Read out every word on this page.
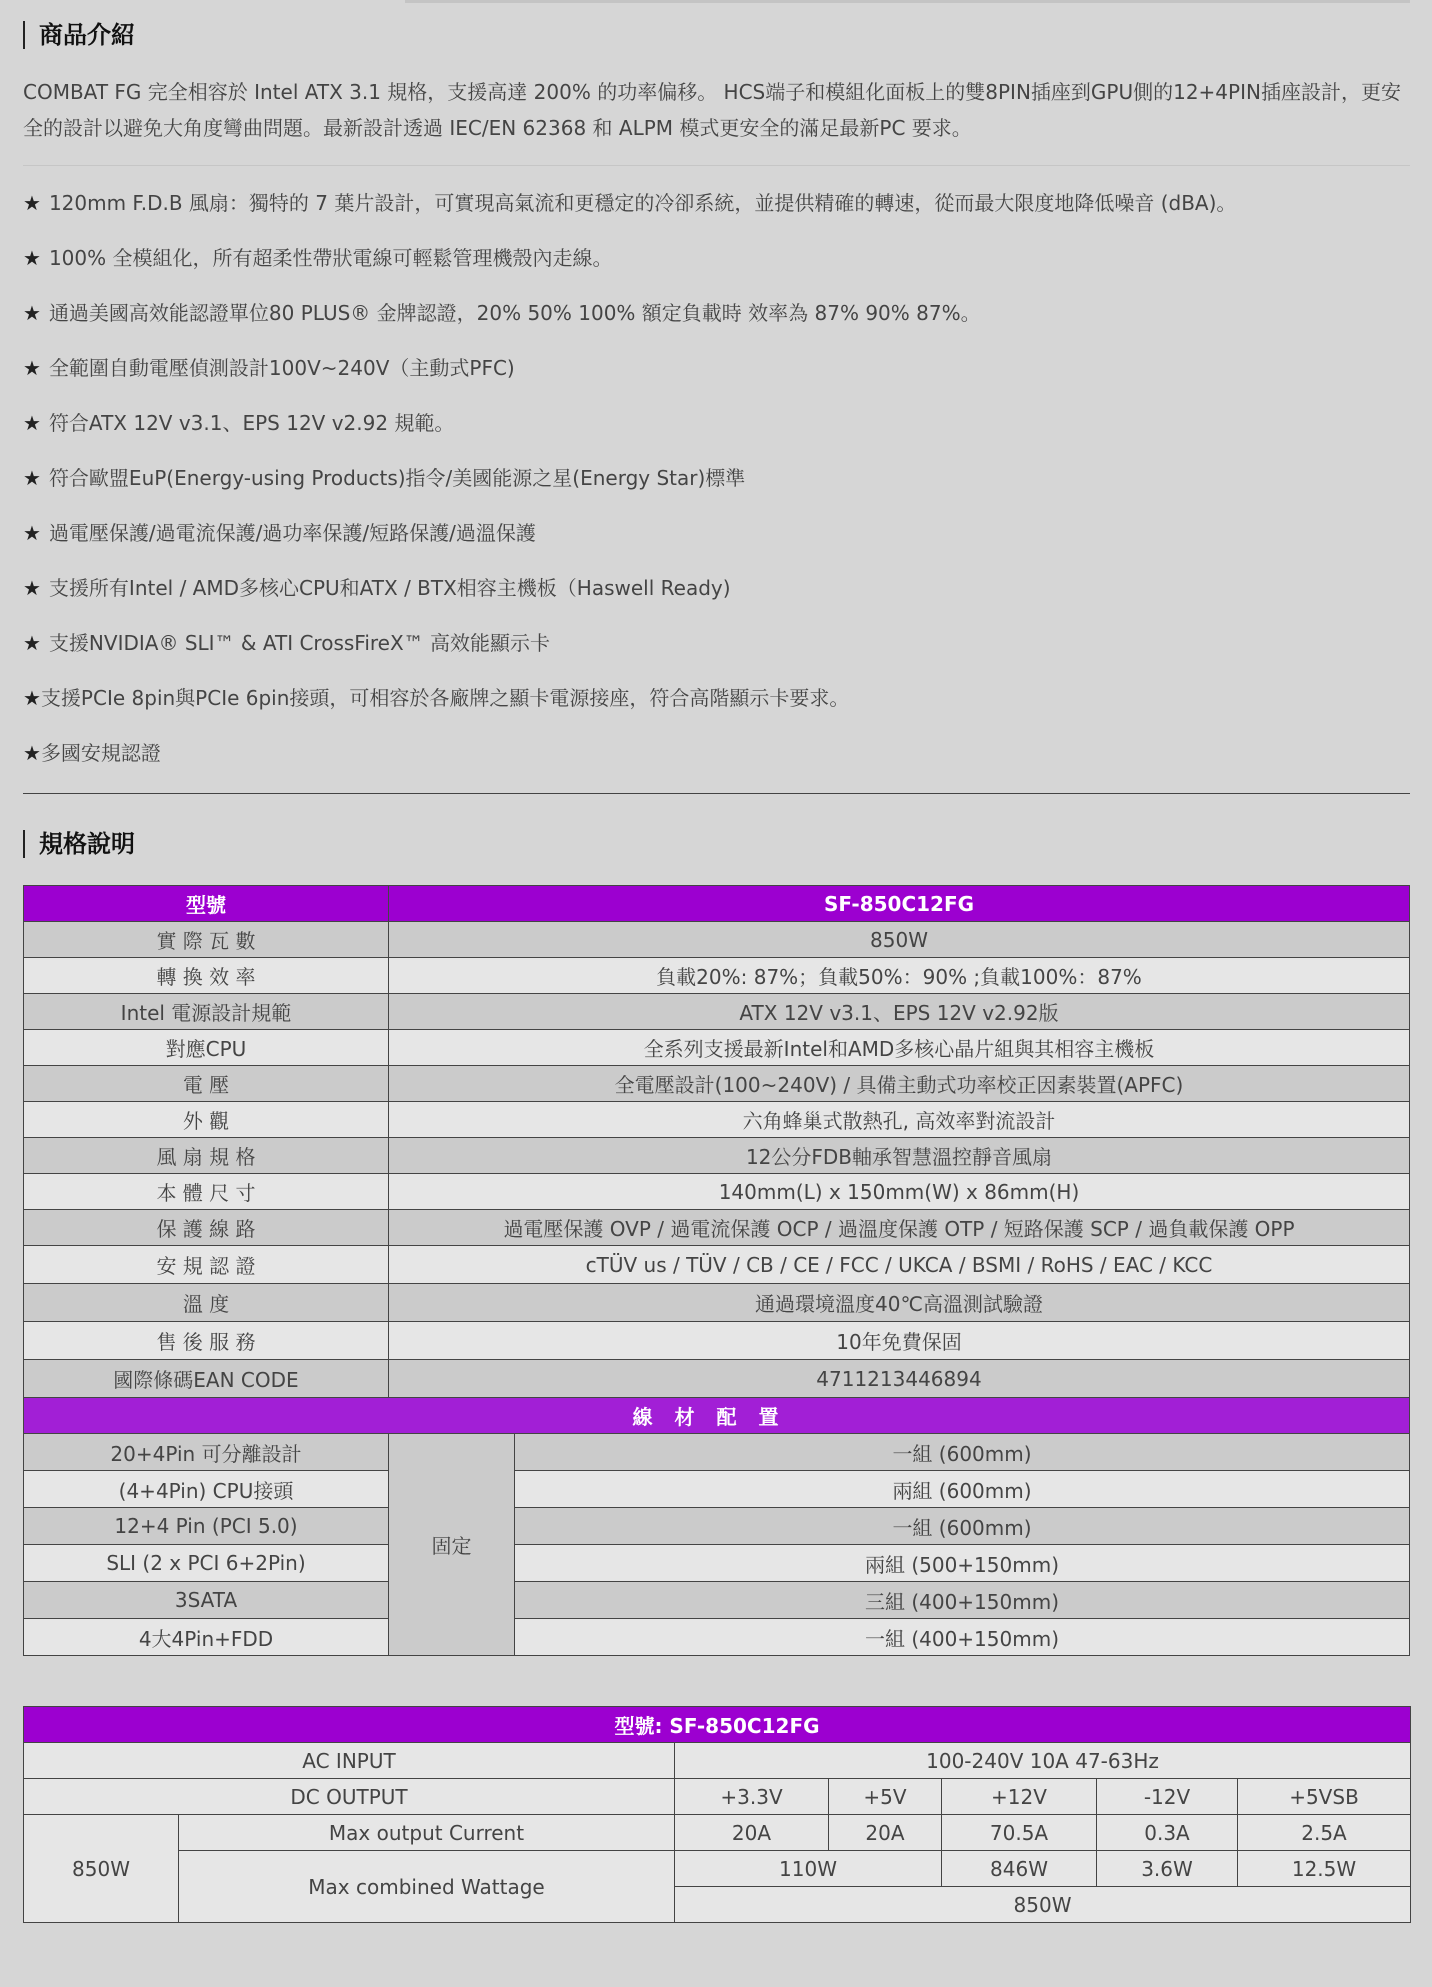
商品介紹
COMBAT FG 完全相容於 Intel ATX 3.1 規格，支援高達 200% 的功率偏移。 HCS端子和模組化面板上的雙8PIN插座到GPU側的12+4PIN插座設計，更安全的設計以避免大角度彎曲問題。最新設計透過 IEC/EN 62368 和 ALPM 模式更安全的滿足最新PC 要求。
★ 120mm F.D.B 風扇：獨特的 7 葉片設計，可實現高氣流和更穩定的冷卻系統，並提供精確的轉速，從而最大限度地降低噪音 (dBA)。
★ 100% 全模組化，所有超柔性帶狀電線可輕鬆管理機殼內走線。
★ 通過美國高效能認證單位80 PLUS® 金牌認證，20% 50% 100% 額定負載時 效率為 87% 90% 87%。
★ 全範圍自動電壓偵測設計100V~240V（主動式PFC)
★ 符合ATX 12V v3.1、EPS 12V v2.92 規範。
★ 符合歐盟EuP(Energy-using Products)指令/美國能源之星(Energy Star)標準
★ 過電壓保護/過電流保護/過功率保護/短路保護/過溫保護
★ 支援所有Intel / AMD多核心CPU和ATX / BTX相容主機板（Haswell Ready)
★ 支援NVIDIA® SLI™ & ATI CrossFireX™ 高效能顯示卡
★支援PCIe 8pin與PCIe 6pin接頭，可相容於各廠牌之顯卡電源接座，符合高階顯示卡要求。
★多國安規認證
規格說明
型號	SF-850C12FG	
實 際 瓦 數	850W	
轉 換 效 率	負載20%: 87%；負載50%：90% ;負載100%：87%	
Intel 電源設計規範	ATX 12V v3.1、EPS 12V v2.92版	
對應CPU	全系列支援最新Intel和AMD多核心晶片組與其相容主機板	
電 壓	全電壓設計(100~240V) / 具備主動式功率校正因素裝置(APFC)	
外 觀	六角蜂巢式散熱孔, 高效率對流設計	
風 扇 規 格	12公分FDB軸承智慧溫控靜音風扇	
本 體 尺 寸	140mm(L) x 150mm(W) x 86mm(H)	
保 護 線 路	過電壓保護 OVP / 過電流保護 OCP / 過溫度保護 OTP / 短路保護 SCP / 過負載保護 OPP	
安 規 認 證	cTÜV us / TÜV / CB / CE / FCC / UKCA / BSMI / RoHS / EAC / KCC	
溫 度	通過環境溫度40℃高溫測試驗證	
售 後 服 務	10年免費保固	
國際條碼EAN CODE	4711213446894	
線材配置		
20+4Pin 可分離設計	固定	一組 (600mm)
(4+4Pin) CPU接頭		兩組 (600mm)
12+4 Pin (PCI 5.0)		一組 (600mm)
SLI (2 x PCI 6+2Pin)		兩組 (500+150mm)
3SATA		三組 (400+150mm)
4大4Pin+FDD		一組 (400+150mm)
型號: SF-850C12FG						
AC INPUT		100-240V 10A 47-63Hz				
DC OUTPUT		+3.3V	+5V	+12V	-12V	+5VSB
850W	Max output Current	20A	20A	70.5A	0.3A	2.5A
	Max combined Wattage	110W		846W	3.6W	12.5W
		850W				
